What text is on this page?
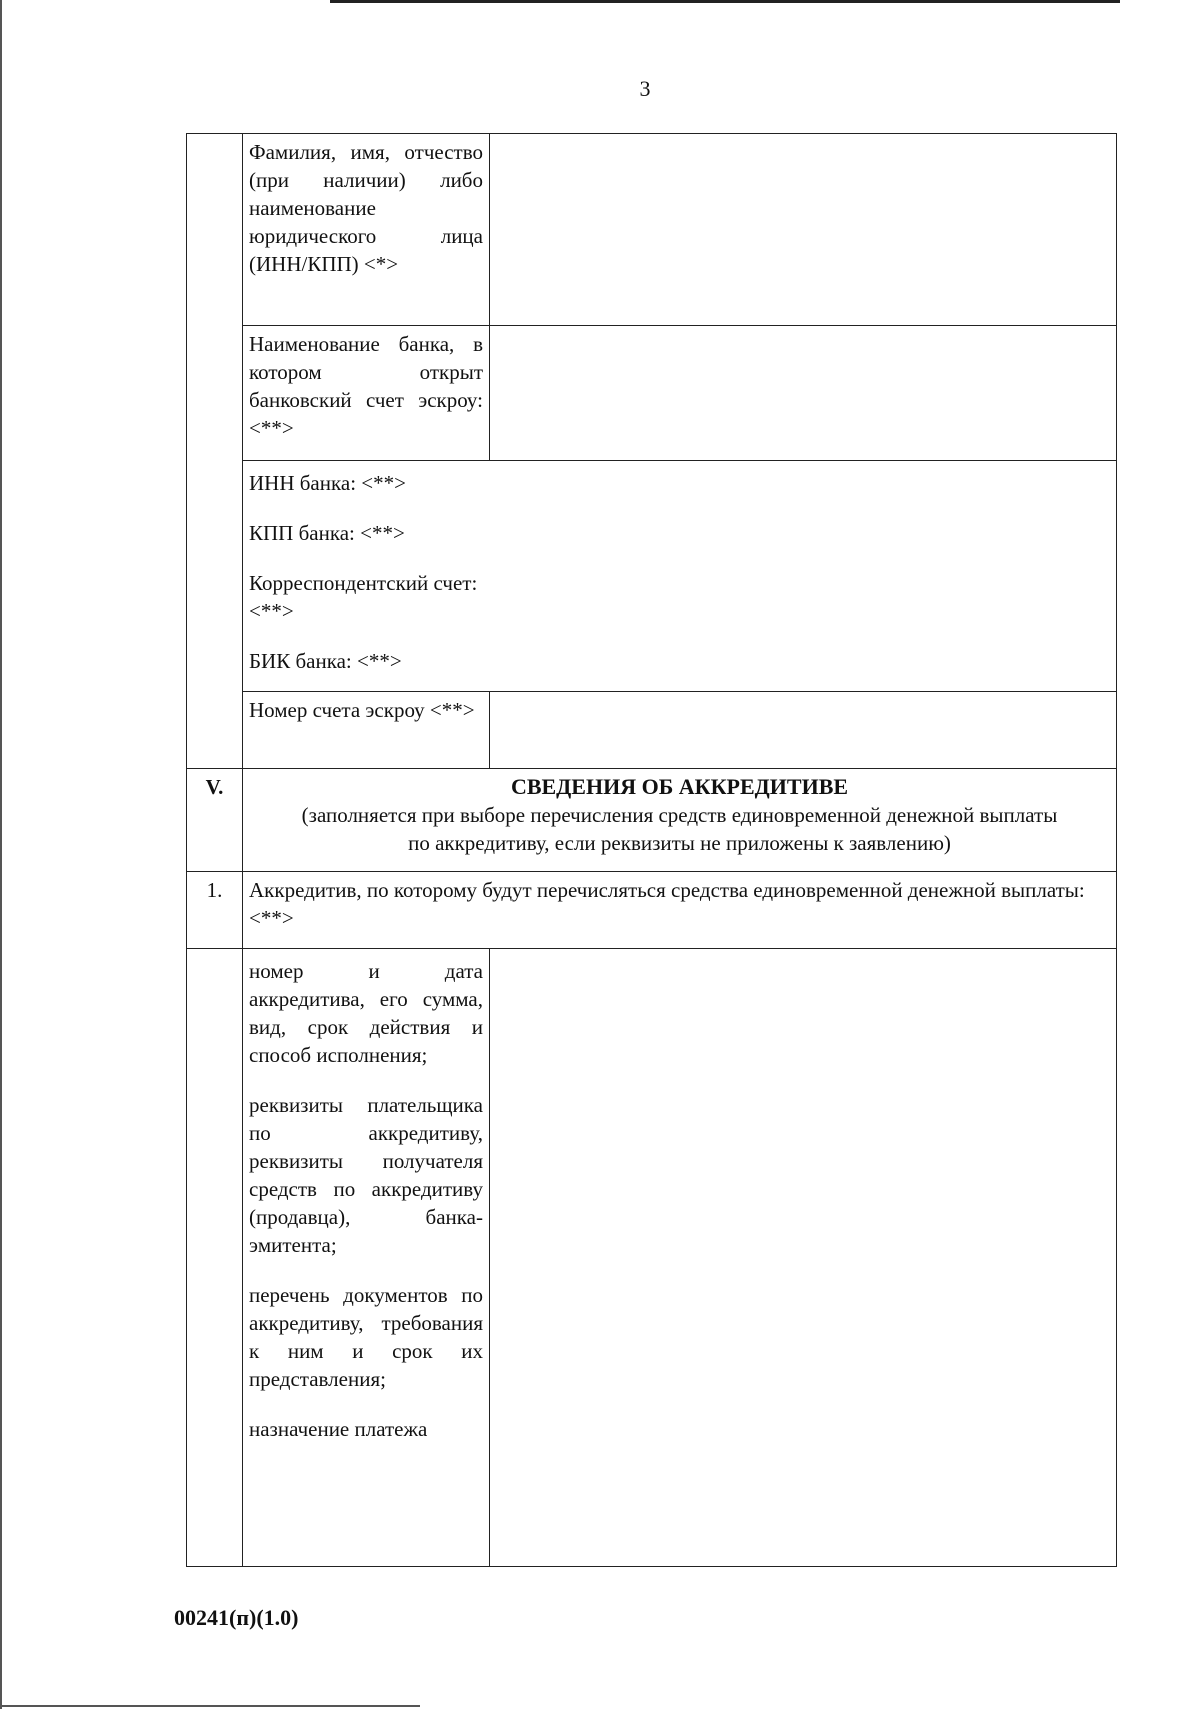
3
	Фамилия, имя, отчество (при наличии) либо наименование юридического лица (ИНН/КПП) <*>	
	Наименование банка, в котором открыт банковский счет эскроу: <**>	

	ИНН банка: <**>
КПП банка: <**>
Корреспондентский счет: <**>
БИК банка: <**>	

	Номер счета эскроу <**>	
V.	СВЕДЕНИЯ ОБ АККРЕДИТИВЕ
(заполняется при выборе перечисления средств единовременной денежной выплаты по аккредитиву, если реквизиты не приложены к заявлению)	

1.	Аккредитив, по которому будут перечисляться средства единовременной денежной выплаты: <**>	

	номер и дата аккредитива, его сумма, вид, срок действия и способ исполнения;
реквизиты плательщика по аккредитиву, реквизиты получателя средств по аккредитиву (продавца), банка-эмитента;
перечень документов по аккредитиву, требования к ним и срок их представления;
назначение платежа	

00241(п)(1.0)
